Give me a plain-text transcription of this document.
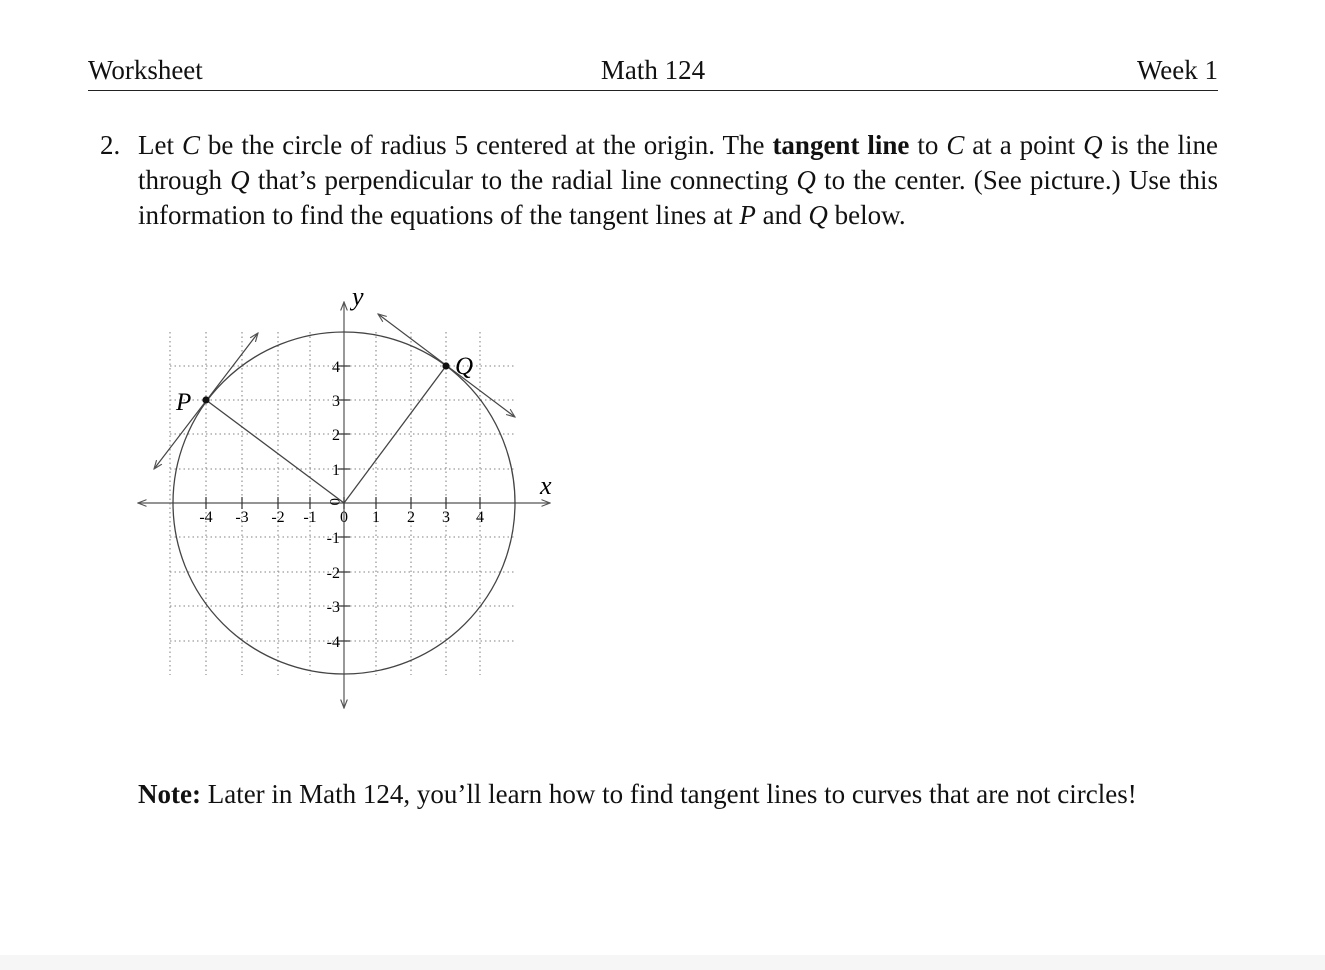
Worksheet	Math 124	Week 1
2. Let C be the circle of radius 5 centered at the origin. The tangent line to C at a point Q is the line through Q that’s perpendicular to the radial line connecting Q to the center. (See picture.) Use this information to find the equations of the tangent lines at P and Q below.
P
Q
y
x
0
-4 -3 -2 -1 0 1 2 3 4
4
3
2
1
-1
-2
-3
-4
Note: Later in Math 124, you’ll learn how to find tangent lines to curves that are not circles!
